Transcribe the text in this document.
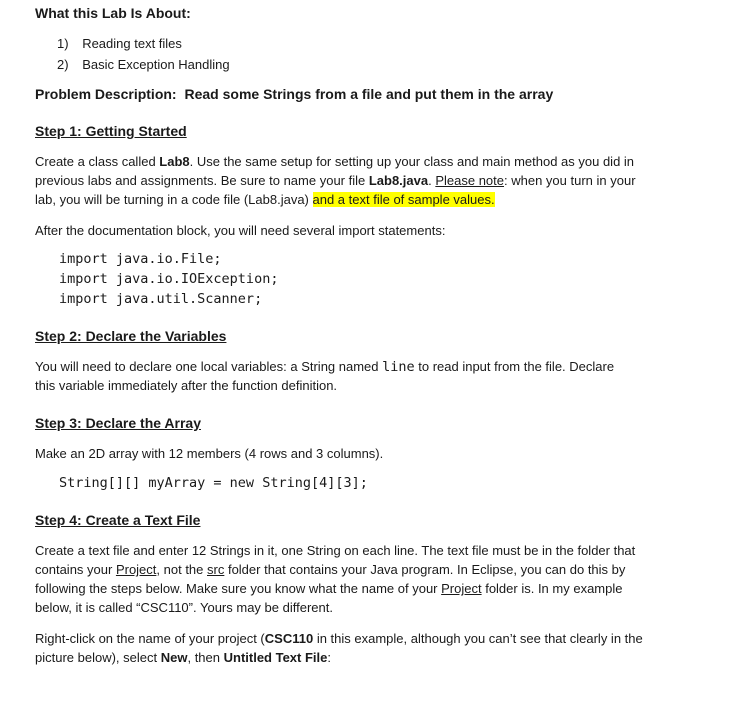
What this Lab Is About:
1) Reading text files
2) Basic Exception Handling
Problem Description: Read some Strings from a file and put them in the array
Step 1: Getting Started
Create a class called Lab8. Use the same setup for setting up your class and main method as you did in
previous labs and assignments. Be sure to name your file Lab8.java. Please note: when you turn in your
lab, you will be turning in a code file (Lab8.java) and a text file of sample values.
After the documentation block, you will need several import statements:
import java.io.File;
import java.io.IOException;
import java.util.Scanner;
Step 2: Declare the Variables
You will need to declare one local variables: a String named line to read input from the file. Declare
this variable immediately after the function definition.
Step 3: Declare the Array
Make an 2D array with 12 members (4 rows and 3 columns).
String[][] myArray = new String[4][3];
Step 4: Create a Text File
Create a text file and enter 12 Strings in it, one String on each line. The text file must be in the folder that
contains your Project, not the src folder that contains your Java program. In Eclipse, you can do this by
following the steps below. Make sure you know what the name of your Project folder is. In my example
below, it is called “CSC110”. Yours may be different.
Right-click on the name of your project (CSC110 in this example, although you can’t see that clearly in the
picture below), select New, then Untitled Text File:
